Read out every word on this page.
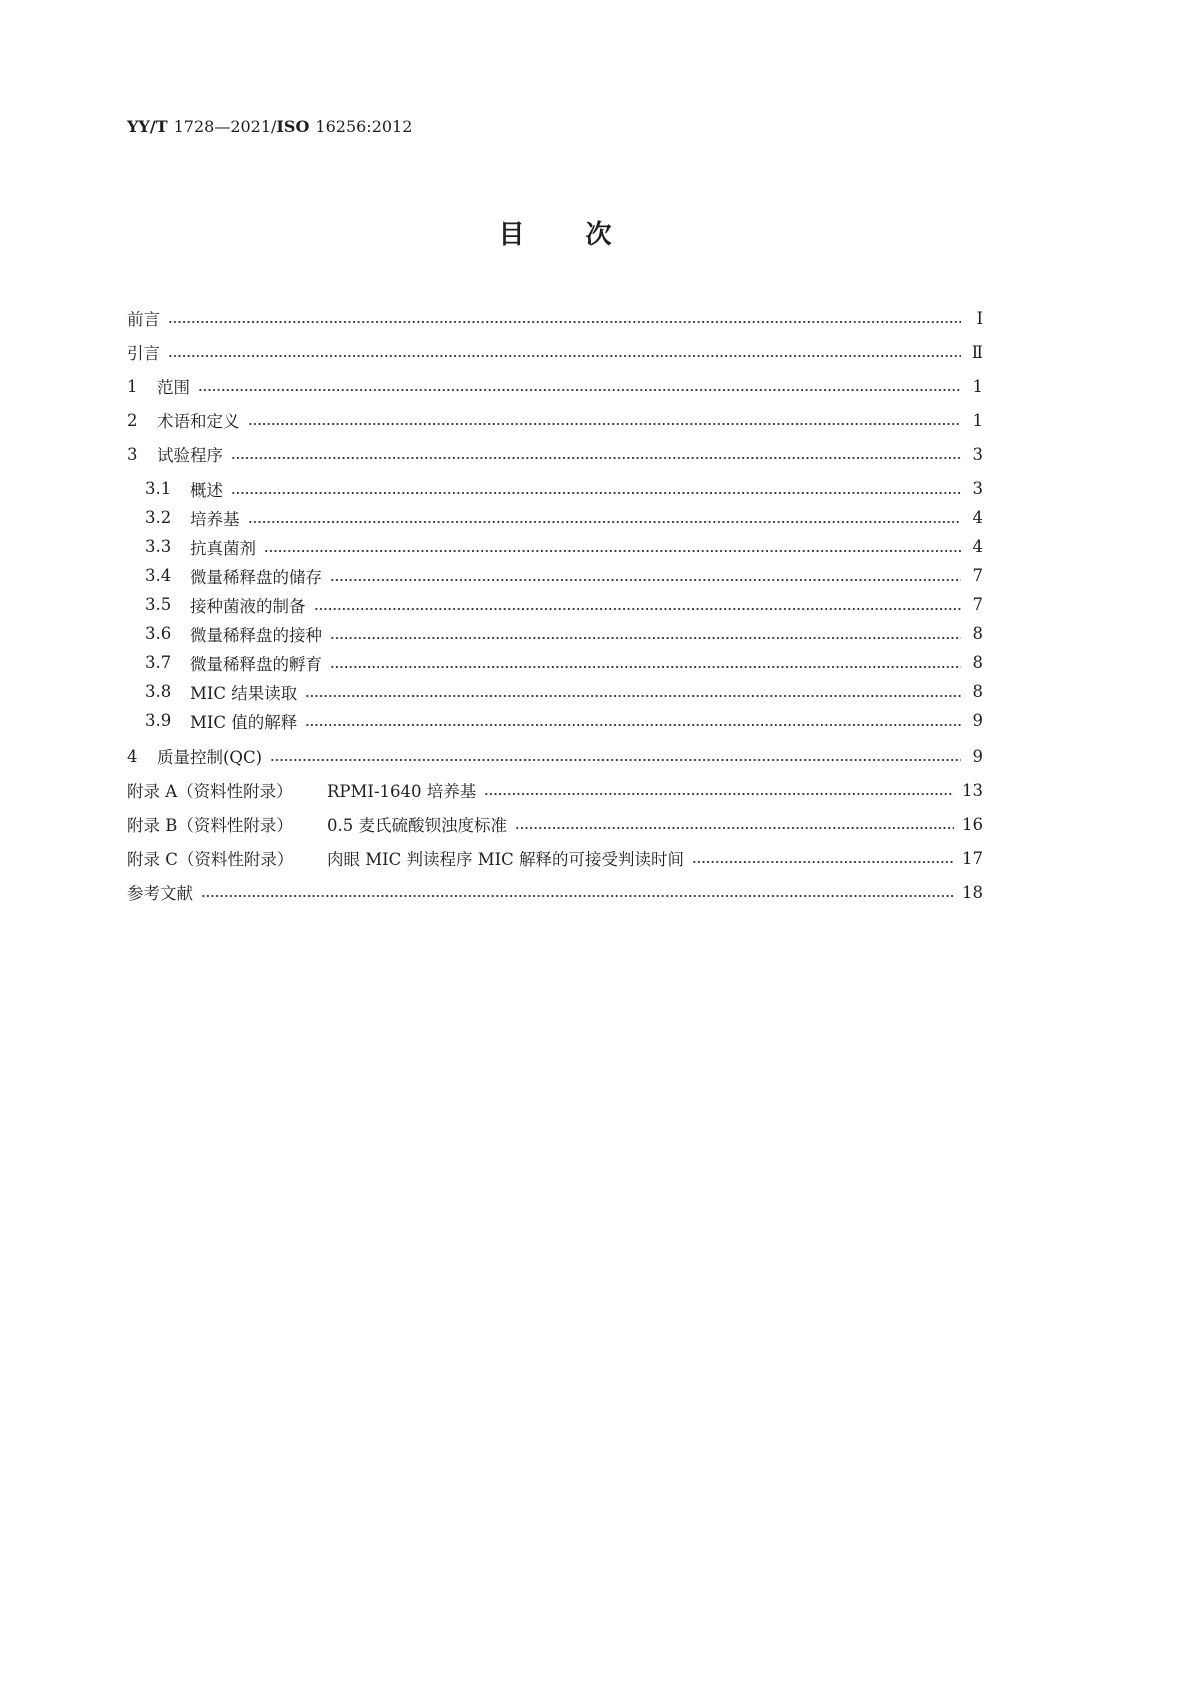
YY/T 1728—2021/ISO 16256:2012
目　次
前言	Ⅰ
引言	Ⅱ
1	范围	1
2	术语和定义	1
3	试验程序	3
3.1	概述	3
3.2	培养基	4
3.3	抗真菌剂	4
3.4	微量稀释盘的储存	7
3.5	接种菌液的制备	7
3.6	微量稀释盘的接种	8
3.7	微量稀释盘的孵育	8
3.8	MIC 结果读取	8
3.9	MIC 值的解释	9
4	质量控制(QC)	9
附录 A（资料性附录）	RPMI-1640 培养基	13
附录 B（资料性附录）	0.5 麦氏硫酸钡浊度标准	16
附录 C（资料性附录）	肉眼 MIC 判读程序 MIC 解释的可接受判读时间	17
参考文献	18
